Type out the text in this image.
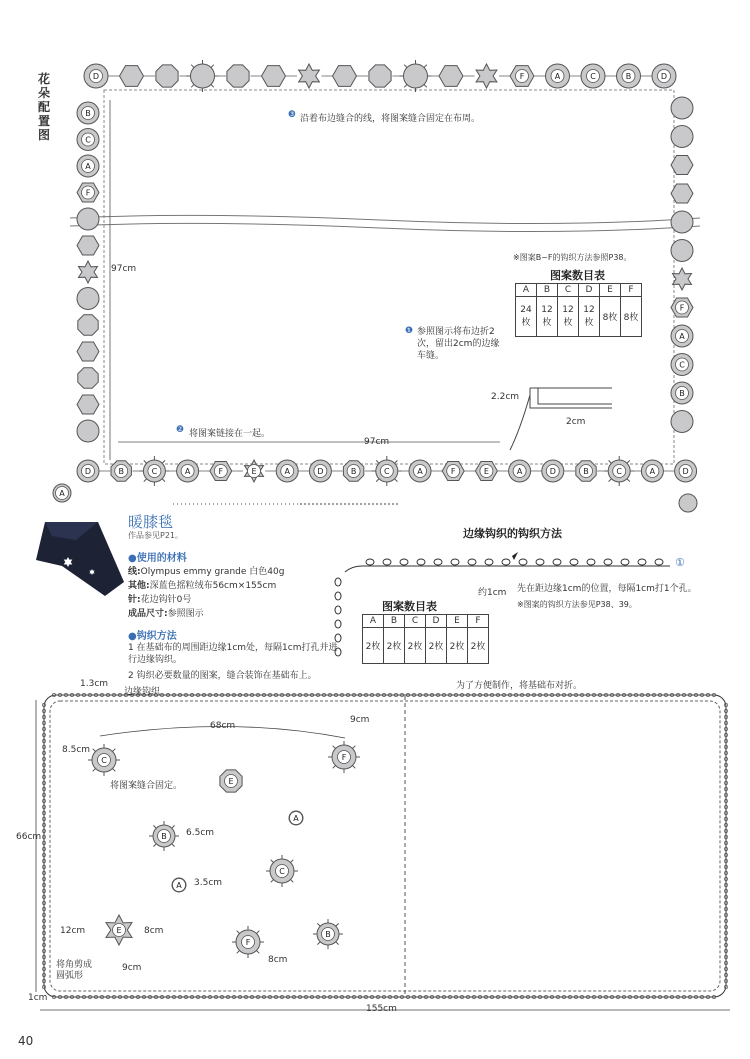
D	F	A	C	B	D
B
C
A
F
F
A
C
B
D	B	C	A	F	E	A	D	B	C	A	F	E	A	D	B	C	A	D
A
C	F
E
B
A
C
A
E
F
B
花朵配置图
❸ 沿着布边缝合的线，将图案缝合固定在布周。
❶ 参照图示将布边折2次，留出2cm的边缘车缝。
❷ 将图案链接在一起。
※图案B~F的钩织方法参照P38。
图案数目表
A	B	C	D	E	F
24枚	12枚	12枚	12枚	8枚	8枚
97cm
97cm
2.2cm
2cm
暖膝毯
作品参见P21。
●使用的材料
线:Olympus emmy grande 白色40g
其他:深蓝色摇粒绒布56cm×155cm
针:花边钩针0号
成品尺寸:参照图示
●钩织方法
1 在基础布的周围距边缘1cm处，每隔1cm打孔并进行边缘钩织。
2 钩织必要数量的图案，缝合装饰在基础布上。
边缘钩织的钩织方法
①
约1cm 先在距边缘1cm的位置，每隔1cm打1个孔。
※图案的钩织方法参见P38、39。
图案数目表
A	B	C	D	E	F
2枚	2枚	2枚	2枚	2枚	2枚
1.3cm
边缘钩织
为了方便制作，将基础布对折。
68cm
9cm
8.5cm
将图案缝合固定。
6.5cm
3.5cm
66cm
12cm	8cm
8cm
9cm
将角剪成圆弧形
1cm
155cm
40
